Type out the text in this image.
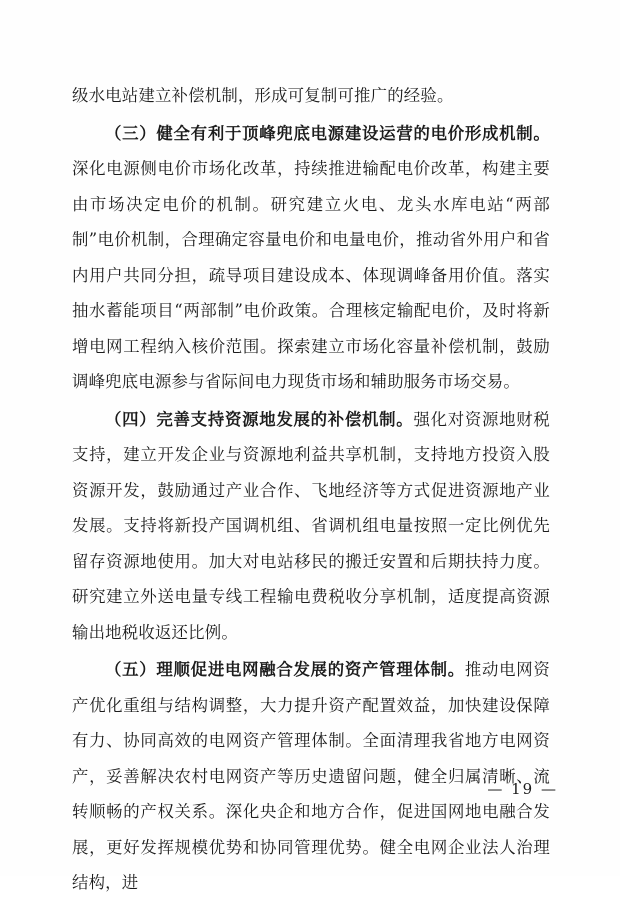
级水电站建立补偿机制，形成可复制可推广的经验。

（三）健全有利于顶峰兜底电源建设运营的电价形成机制。深化电源侧电价市场化改革，持续推进输配电价改革，构建主要由市场决定电价的机制。研究建立火电、龙头水库电站“两部制”电价机制，合理确定容量电价和电量电价，推动省外用户和省内用户共同分担，疏导项目建设成本、体现调峰备用价值。落实抽水蓄能项目“两部制”电价政策。合理核定输配电价，及时将新增电网工程纳入核价范围。探索建立市场化容量补偿机制，鼓励调峰兜底电源参与省际间电力现货市场和辅助服务市场交易。

（四）完善支持资源地发展的补偿机制。强化对资源地财税支持，建立开发企业与资源地利益共享机制，支持地方投资入股资源开发，鼓励通过产业合作、飞地经济等方式促进资源地产业发展。支持将新投产国调机组、省调机组电量按照一定比例优先留存资源地使用。加大对电站移民的搬迁安置和后期扶持力度。研究建立外送电量专线工程输电费税收分享机制，适度提高资源输出地税收返还比例。

（五）理顺促进电网融合发展的资产管理体制。推动电网资产优化重组与结构调整，大力提升资产配置效益，加快建设保障有力、协同高效的电网资产管理体制。全面清理我省地方电网资产，妥善解决农村电网资产等历史遗留问题，健全归属清晰、流转顺畅的产权关系。深化央企和地方合作，促进国网地电融合发展，更好发挥规模优势和协同管理优势。健全电网企业法人治理结构，进

— 19 —
